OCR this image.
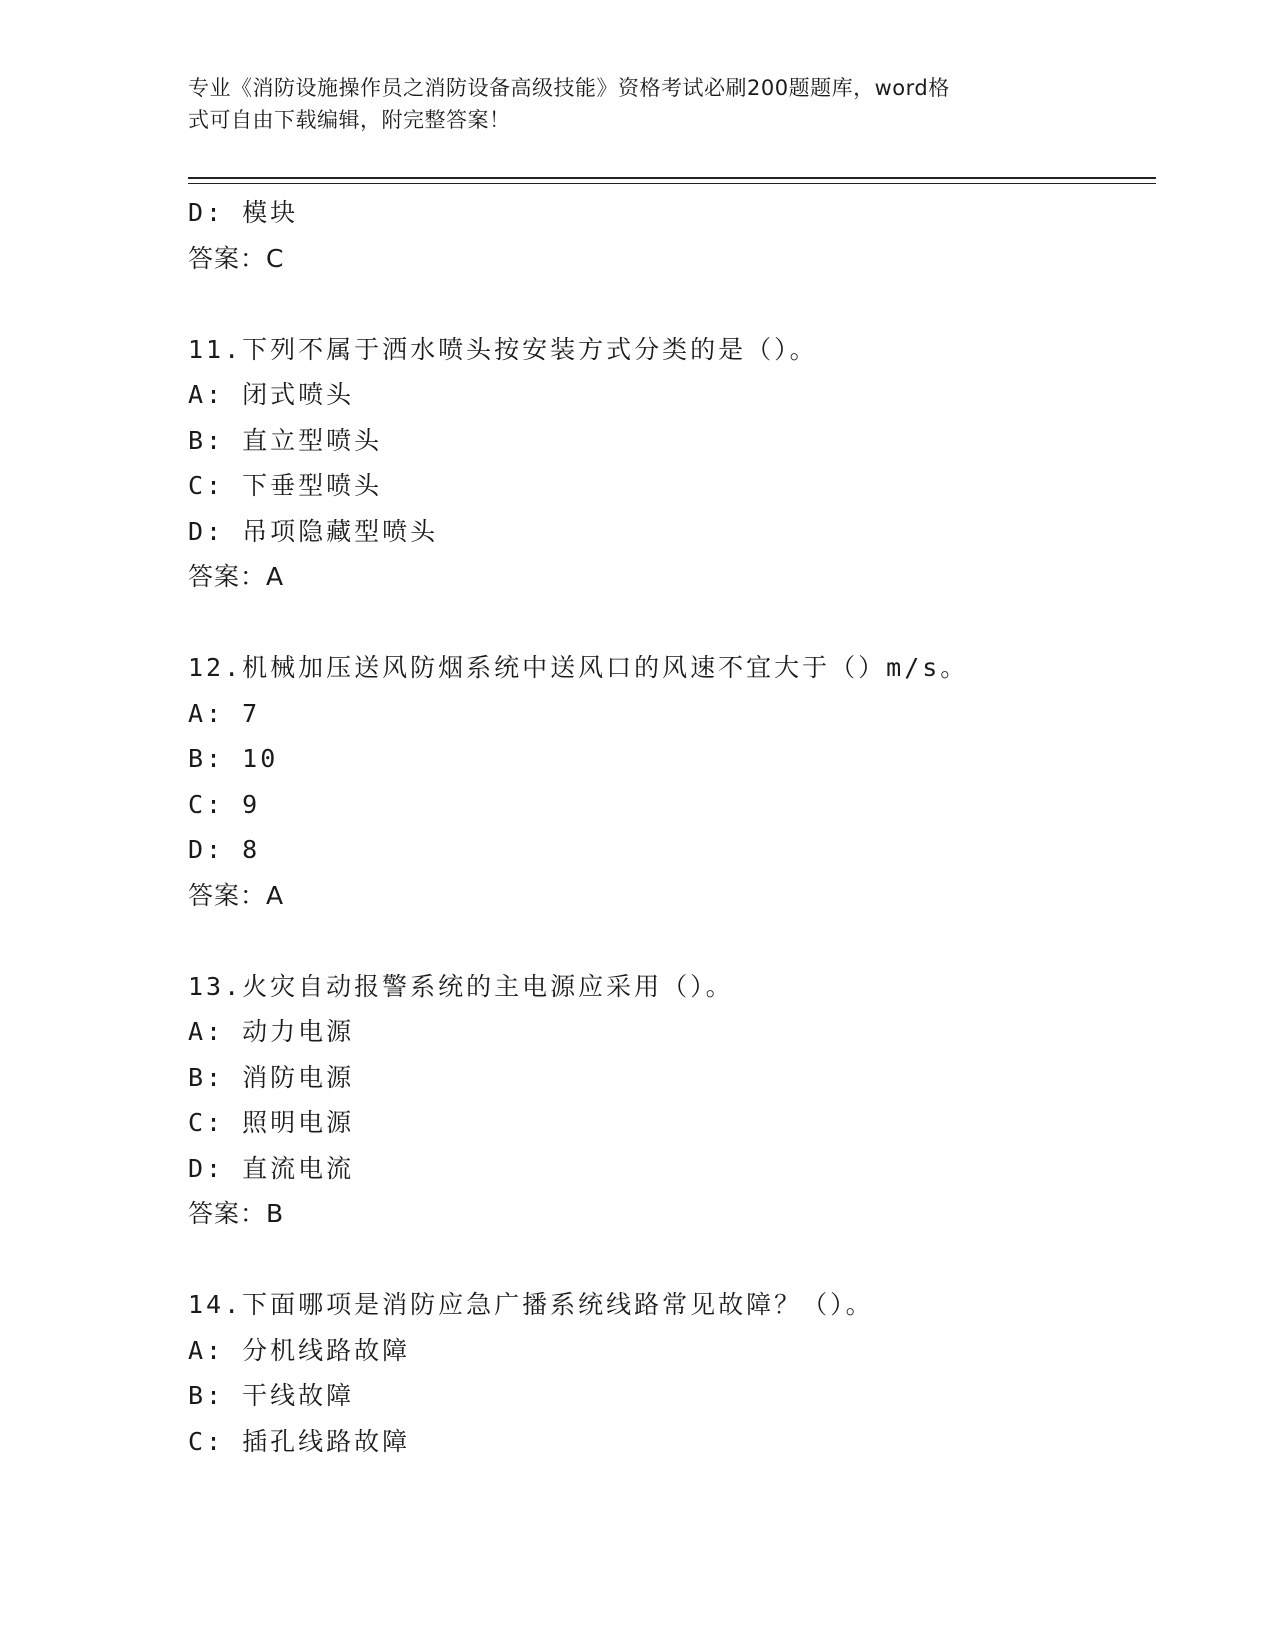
专业《消防设施操作员之消防设备高级技能》资格考试必刷200题题库，word格
式可自由下载编辑，附完整答案！
D: 模块
答案：C
11.下列不属于洒水喷头按安装方式分类的是（）。
A: 闭式喷头
B: 直立型喷头
C: 下垂型喷头
D: 吊项隐藏型喷头
答案：A
12.机械加压送风防烟系统中送风口的风速不宜大于（）m/s。
A: 7
B: 10
C: 9
D: 8
答案：A
13.火灾自动报警系统的主电源应采用（）。
A: 动力电源
B: 消防电源
C: 照明电源
D: 直流电流
答案：B
14.下面哪项是消防应急广播系统线路常见故障？（）。
A: 分机线路故障
B: 干线故障
C: 插孔线路故障
